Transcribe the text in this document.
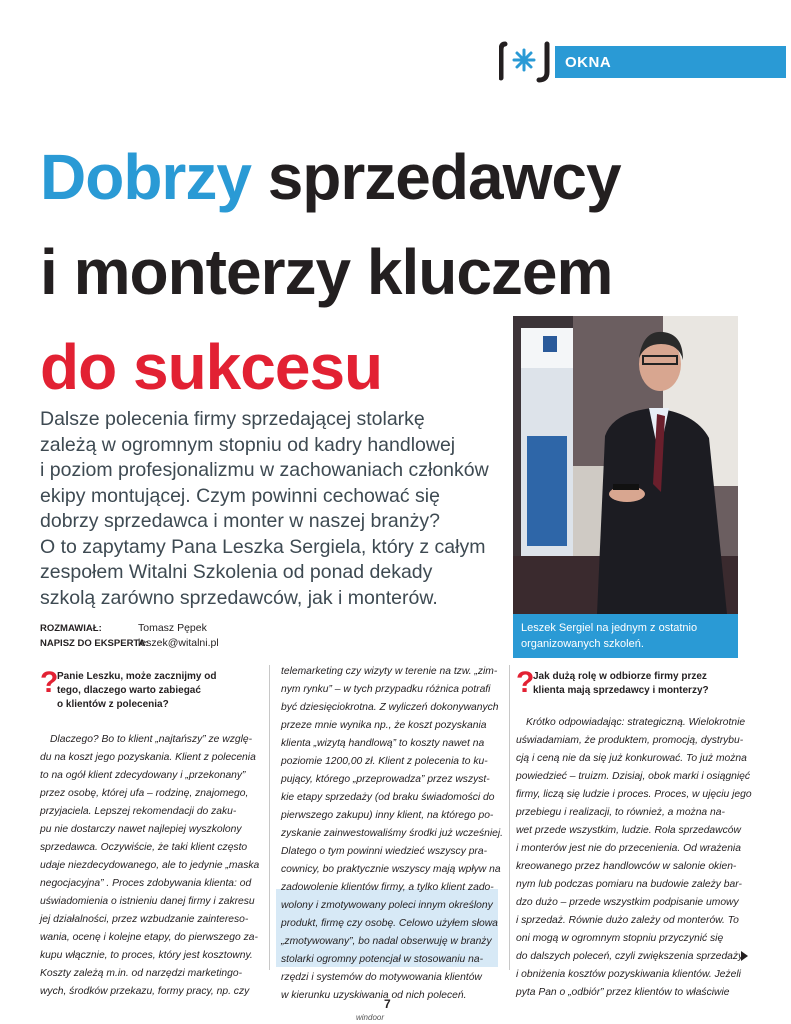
OKNA
Dobrzy sprzedawcy
i monterzy kluczem
do sukcesu

Dalsze polecenia firmy sprzedającej stolarkę
zależą w ogromnym stopniu od kadry handlowej
i poziom profesjonalizmu w zachowaniach członków
ekipy montującej. Czym powinni cechować się
dobrzy sprzedawca i monter w naszej branży?
O to zapytamy Pana Leszka Sergiela, który z całym
zespołem Witalni Szkolenia od ponad dekady
szkolą zarówno sprzedawców, jak i monterów.

ROZMAWIAŁ:	Tomasz Pępek
NAPISZ DO EKSPERTA:leszek@witalni.pl
Leszek Sergiel na jednym z ostatnio
organizowanych szkoleń.
?
Panie Leszku, może zacznijmy od
tego, dlaczego warto zabiegać
o klientów z polecenia?
Dlaczego? Bo to klient „najtańszy” ze wzglę-
du na koszt jego pozyskania. Klient z polecenia
to na ogół klient zdecydowany i „przekonany”
przez osobę, której ufa – rodzinę, znajomego,
przyjaciela. Lepszej rekomendacji do zaku-
pu nie dostarczy nawet najlepiej wyszkolony
sprzedawca. Oczywiście, że taki klient często
udaje niezdecydowanego, ale to jedynie „maska
negocjacyjna” . Proces zdobywania klienta: od
uświadomienia o istnieniu danej firmy i zakresu
jej działalności, przez wzbudzanie zaintereso-
wania, ocenę i kolejne etapy, do pierwszego za-
kupu włącznie, to proces, który jest kosztowny.
Koszty zależą m.in. od narzędzi marketingo-
wych, środków przekazu, formy pracy, np. czy
telemarketing czy wizyty w terenie na tzw. „zim-
nym rynku” – w tych przypadku różnica potrafi
być dziesięciokrotna. Z wyliczeń dokonywanych
przeze mnie wynika np., że koszt pozyskania
klienta „wizytą handlową” to koszty nawet na
poziomie 1200,00 zł. Klient z polecenia to ku-
pujący, którego „przeprowadza” przez wszyst-
kie etapy sprzedaży (od braku świadomości do
pierwszego zakupu) inny klient, na którego po-
zyskanie zainwestowaliśmy środki już wcześniej.
Dlatego o tym powinni wiedzieć wszyscy pra-
cownicy, bo praktycznie wszyscy mają wpływ na
zadowolenie klientów firmy, a tylko klient zado-
wolony i zmotywowany poleci innym określony
produkt, firmę czy osobę. Celowo użyłem słowa
„zmotywowany”, bo nadal obserwuję w branży
stolarki ogromny potencjał w stosowaniu na-
rzędzi i systemów do motywowania klientów
w kierunku uzyskiwania od nich poleceń.
?
Jak dużą rolę w odbiorze firmy przez
klienta mają sprzedawcy i monterzy?
Krótko odpowiadając: strategiczną. Wielokrotnie
uświadamiam, że produktem, promocją, dystrybu-
cją i ceną nie da się już konkurować. To już można
powiedzieć – truizm. Dzisiaj, obok marki i osiągnięć
firmy, liczą się ludzie i proces. Proces, w ujęciu jego
przebiegu i realizacji, to również, a można na-
wet przede wszystkim, ludzie. Rola sprzedawców
i monterów jest nie do przecenienia. Od wrażenia
kreowanego przez handlowców w salonie okien-
nym lub podczas pomiaru na budowie zależy bar-
dzo dużo – przede wszystkim podpisanie umowy
i sprzedaż. Równie dużo zależy od monterów. To
oni mogą w ogromnym stopniu przyczynić się
do dalszych poleceń, czyli zwiększenia sprzedaży
i obniżenia kosztów pozyskiwania klientów. Jeżeli
pyta Pan o „odbiór” przez klientów to właściwie
7
windoor
